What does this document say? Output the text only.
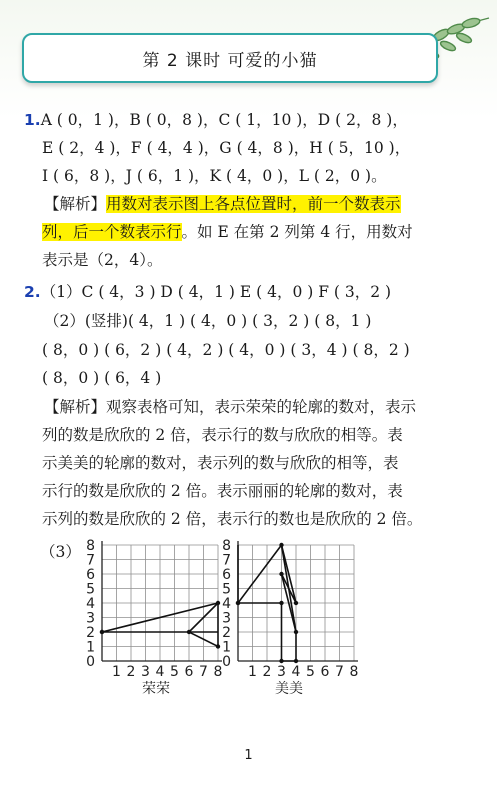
第 2 课时 可爱的小猫
1.A ( 0，1 )，B ( 0，8 )，C ( 1，10 )，D ( 2，8 )，
E ( 2，4 )，F ( 4，4 )，G ( 4，8 )，H ( 5，10 )，
I ( 6，8 )，J ( 6，1 )，K ( 4，0 )，L ( 2，0 )。
【解析】用数对表示图上各点位置时，前一个数表示
列，后一个数表示行。如 E 在第 2 列第 4 行，用数对
表示是（2，4）。
2.（1）C ( 4，3 ) D ( 4，1 ) E ( 4，0 ) F ( 3，2 )
（2）(竖排)( 4，1 ) ( 4，0 ) ( 3，2 ) ( 8，1 )
( 8，0 ) ( 6，2 ) ( 4，2 ) ( 4，0 ) ( 3，4 ) ( 8，2 )
( 8，0 ) ( 6，4 )
【解析】观察表格可知，表示荣荣的轮廓的数对，表示
列的数是欣欣的 2 倍，表示行的数与欣欣的相等。表
示美美的轮廓的数对，表示列的数与欣欣的相等，表
示行的数是欣欣的 2 倍。表示丽丽的轮廓的数对，表
示列的数是欣欣的 2 倍，表示行的数也是欣欣的 2 倍。
（3）
0
1
2
3
4
5
6
7
8
1 2 3 4 5 6 7 8
荣荣
0
1
2
3
4
5
6
7
8
1 2 3 4 5 6 7 8
美美
1
